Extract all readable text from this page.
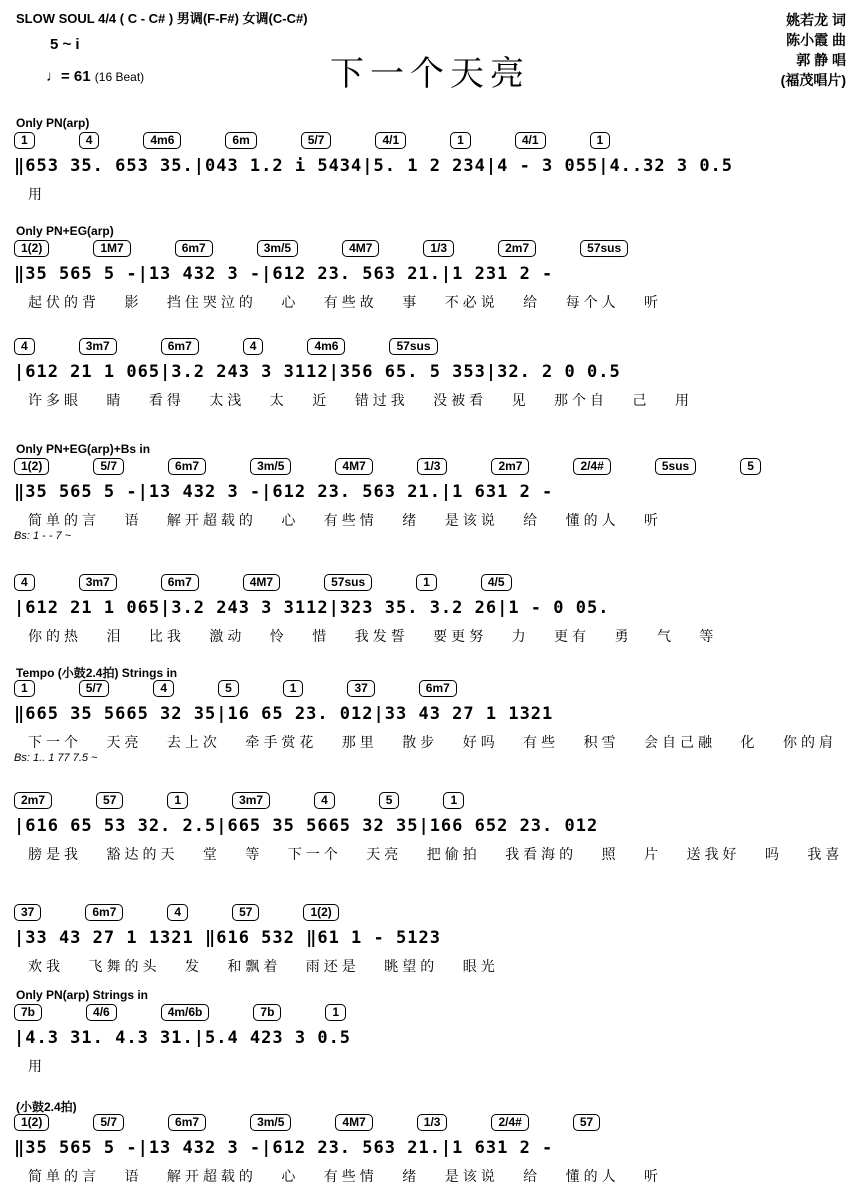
SLOW SOUL 4/4 ( C - C# ) 男调(F-F#) 女调(C-C#)
5 ~ i
♩= 61 (16 Beat)	下一个天亮
姚若龙 词
陈小霞 曲
郭 静 唱
(福茂唱片)
Only PN(arp)
1	4	4m6	6m	5/7	4/1	1	4/1	1
‖653 35. 653 35.|043 1.2 i 5434|5. 1 2 234|4 - 3 055|4..32 3 0.5
用
Only PN+EG(arp)
1(2)	1M7	6m7	3m/5	4M7	1/3	2m7	57sus
‖35 565 5 -|13 432 3 -|612 23. 563 21.|1 231 2 -
起伏的背 影 挡住哭泣的 心 有些故 事 不必说 给 每个人 听
4	3m7	6m7	4	4m6	57sus
|612 21 1 065|3.2 243 3 3112|356 65. 5 353|32. 2 0 0.5
许多眼 睛 看得 太浅 太 近 错过我 没被看 见 那个自 己 用
Only PN+EG(arp)+Bs in
1(2)	5/7	6m7	3m/5	4M7	1/3	2m7	2/4#	5sus	5
‖35 565 5 -|13 432 3 -|612 23. 563 21.|1 631 2 -
简单的言 语 解开超载的 心 有些情 绪 是该说 给 懂的人 听
Bs: 1 - - 7 ~
4	3m7	6m7	4M7	57sus	1	4/5
|612 21 1 065|3.2 243 3 3112|323 35. 3.2 26|1 - 0 05.
你的热 泪 比我 激动 怜 惜 我发誓 要更努 力 更有 勇 气 等
Tempo (小鼓2.4拍) Strings in
1	5/7	4	5	1	37	6m7
‖665 35 5665 32 35|16 65 23. 012|33 43 27 1 1321
下一个 天亮 去上次 牵手赏花 那里 散步 好吗 有些 积雪 会自己融 化 你的肩
Bs: 1.. 1 77 7.5 ~
2m7	57	1	3m7	4	5	1
|616 65 53 32. 2.5|665 35 5665 32 35|166 652 23. 012
膀是我 豁达的天 堂 等 下一个 天亮 把偷拍 我看海的 照 片 送我好 吗 我喜
37	6m7	4	57	1(2)
|33 43 27 1 1321 ‖616 532 ‖61 1 - 5123
欢我 飞舞的头 发 和飘着 雨还是 眺望的 眼光
Only PN(arp) Strings in
7b	4/6	4m/6b	7b	1
|4.3 31. 4.3 31.|5.4 423 3 0.5
用
(小鼓2.4拍)
1(2)	5/7	6m7	3m/5	4M7	1/3	2/4#	57
‖35 565 5 -|13 432 3 -|612 23. 563 21.|1 631 2 -
简单的言 语 解开超载的 心 有些情 绪 是该说 给 懂的人 听
